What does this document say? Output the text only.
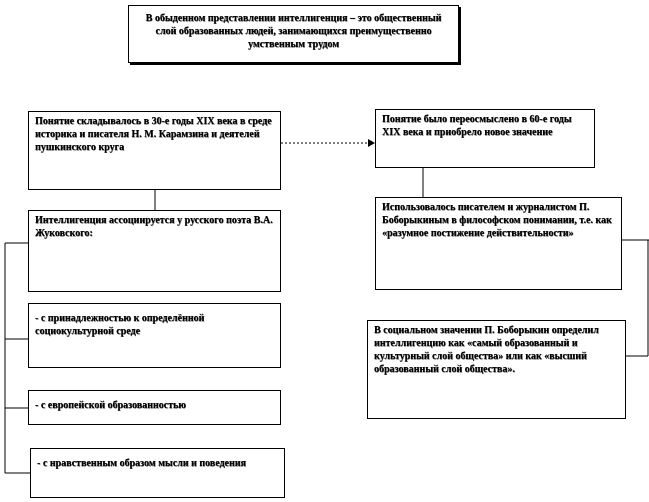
В обыденном представлении интеллигенция – это общественный слой образованных людей, занимающихся преимущественно умственным трудом
Понятие складывалось в 30-е годы XIX века в среде историка и писателя Н. М. Карамзина и деятелей пушкинского круга
Интеллигенция ассоциируется у русского поэта В.А. Жуковского:
- с принадлежностью к определённой социокультурной среде
- с европейской образованностью
- с нравственным образом мысли и поведения
Понятие было переосмыслено в 60-е годы XIX века и приобрело новое значение
Использовалось писателем и журналистом П. Боборыкиным в философском понимании, т.е. как «разумное постижение действительности»
В социальном значении П. Боборыкин определил интеллигенцию как «самый образованный и культурный слой общества» или как «высший образованный слой общества».
